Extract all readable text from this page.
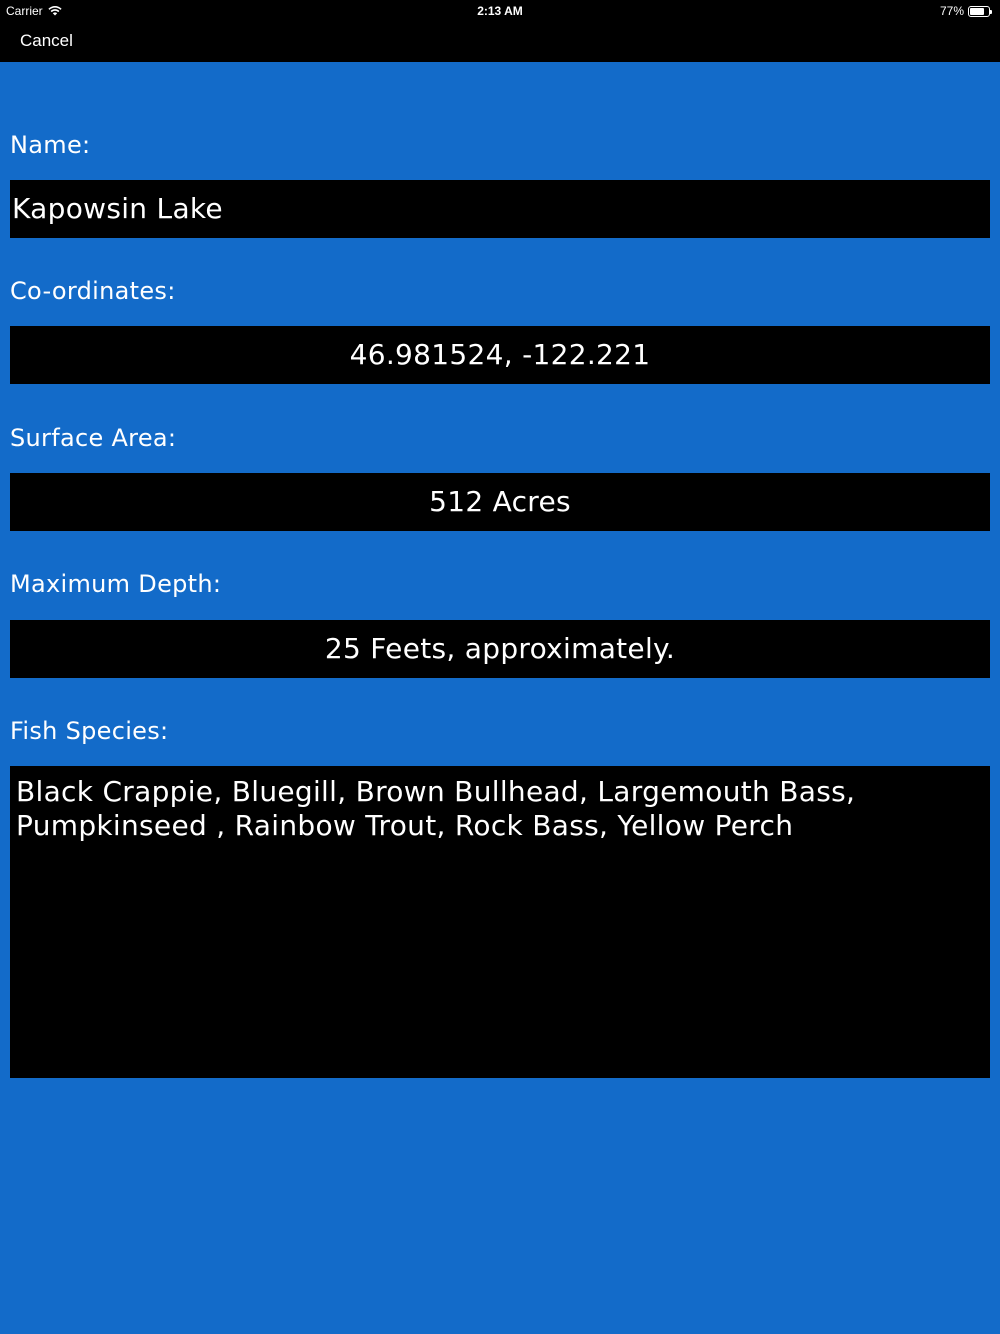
Carrier	2:13 AM	77%
Cancel
Name:
Kapowsin Lake
Co-ordinates:
46.981524, -122.221
Surface Area:
512 Acres
Maximum Depth:
25 Feets, approximately.
Fish Species:
Black Crappie, Bluegill, Brown Bullhead, Largemouth Bass, Pumpkinseed , Rainbow Trout, Rock Bass, Yellow Perch
